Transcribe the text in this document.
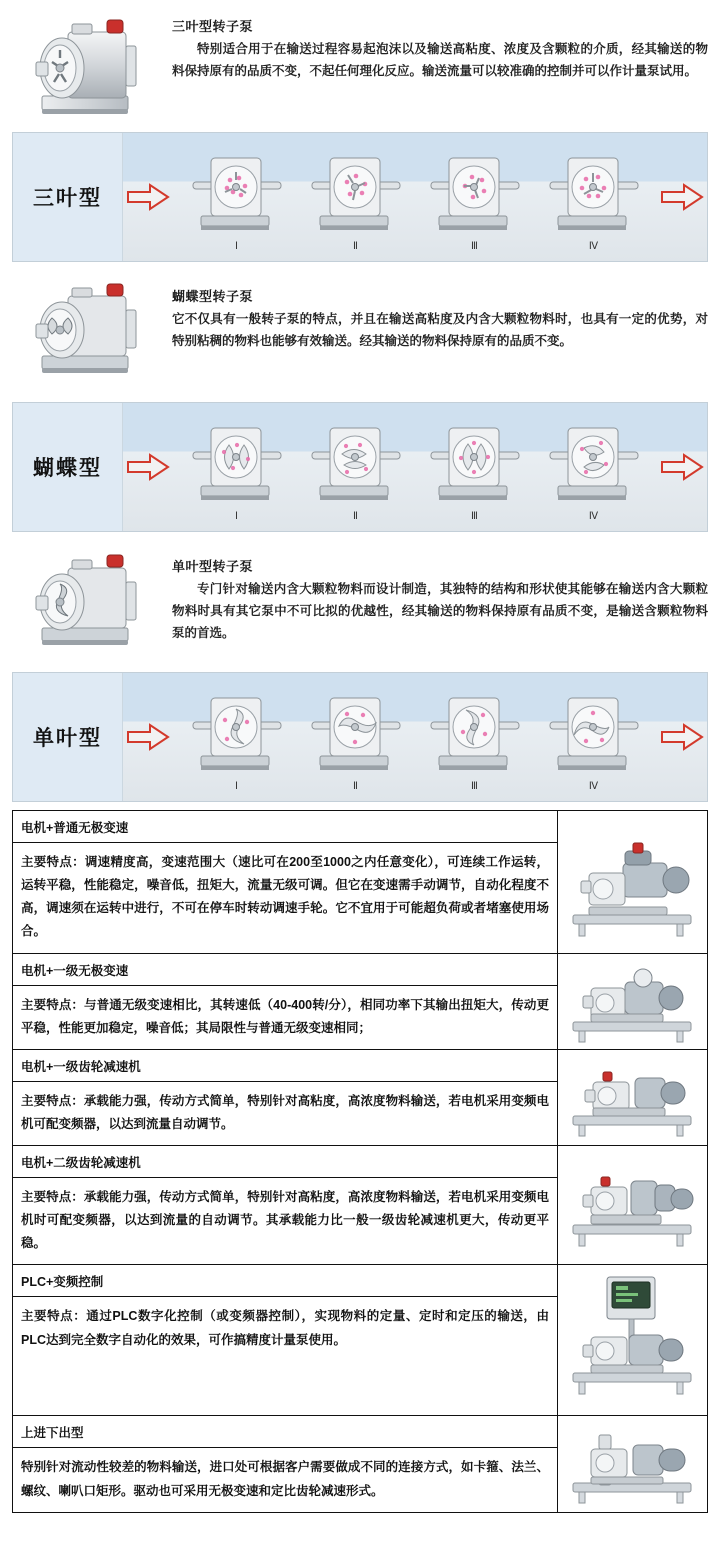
三叶型转子泵

特别适合用于在输送过程容易起泡沫以及输送高粘度、浓度及含颗粒的介质，经其输送的物料保持原有的品质不变，不起任何理化反应。输送流量可以较准确的控制并可以作计量泵试用。

三叶型
Ⅰ	Ⅱ	Ⅲ	Ⅳ
蝴蝶型转子泵

它不仅具有一般转子泵的特点，并且在输送高粘度及内含大颗粒物料时，也具有一定的优势，对特别粘稠的物料也能够有效输送。经其输送的物料保持原有的品质不变。

蝴蝶型
Ⅰ	Ⅱ	Ⅲ	Ⅳ
单叶型转子泵

专门针对输送内含大颗粒物料而设计制造，其独特的结构和形状使其能够在输送内含大颗粒物料时具有其它泵中不可比拟的优越性，经其输送的物料保持原有品质不变，是输送含颗粒物料泵的首选。

单叶型
Ⅰ	Ⅱ	Ⅲ	Ⅳ
电机+普通无极变速
主要特点：调速精度高，变速范围大（速比可在200至1000之内任意变化），可连续工作运转，运转平稳，性能稳定，噪音低，扭矩大，流量无级可调。但它在变速需手动调节，自动化程度不高，调速须在运转中进行，不可在停车时转动调速手轮。它不宜用于可能超负荷或者堵塞使用场合。
电机+一级无极变速
主要特点：与普通无级变速相比，其转速低（40-400转/分），相同功率下其输出扭矩大，传动更平稳，性能更加稳定，噪音低；其局限性与普通无级变速相同；
电机+一级齿轮减速机
主要特点：承载能力强，传动方式简单，特别针对高粘度，高浓度物料输送，若电机采用变频电机可配变频器，以达到流量自动调节。
电机+二级齿轮减速机
主要特点：承载能力强，传动方式简单，特别针对高粘度，高浓度物料输送，若电机采用变频电机时可配变频器，以达到流量的自动调节。其承载能力比一般一级齿轮减速机更大，传动更平稳。
PLC+变频控制
主要特点：通过PLC数字化控制（或变频器控制），实现物料的定量、定时和定压的输送，由PLC达到完全数字自动化的效果，可作搞精度计量泵使用。
上进下出型
特别针对流动性较差的物料输送，进口处可根据客户需要做成不同的连接方式，如卡箍、法兰、螺纹、喇叭口矩形。驱动也可采用无极变速和定比齿轮减速形式。
